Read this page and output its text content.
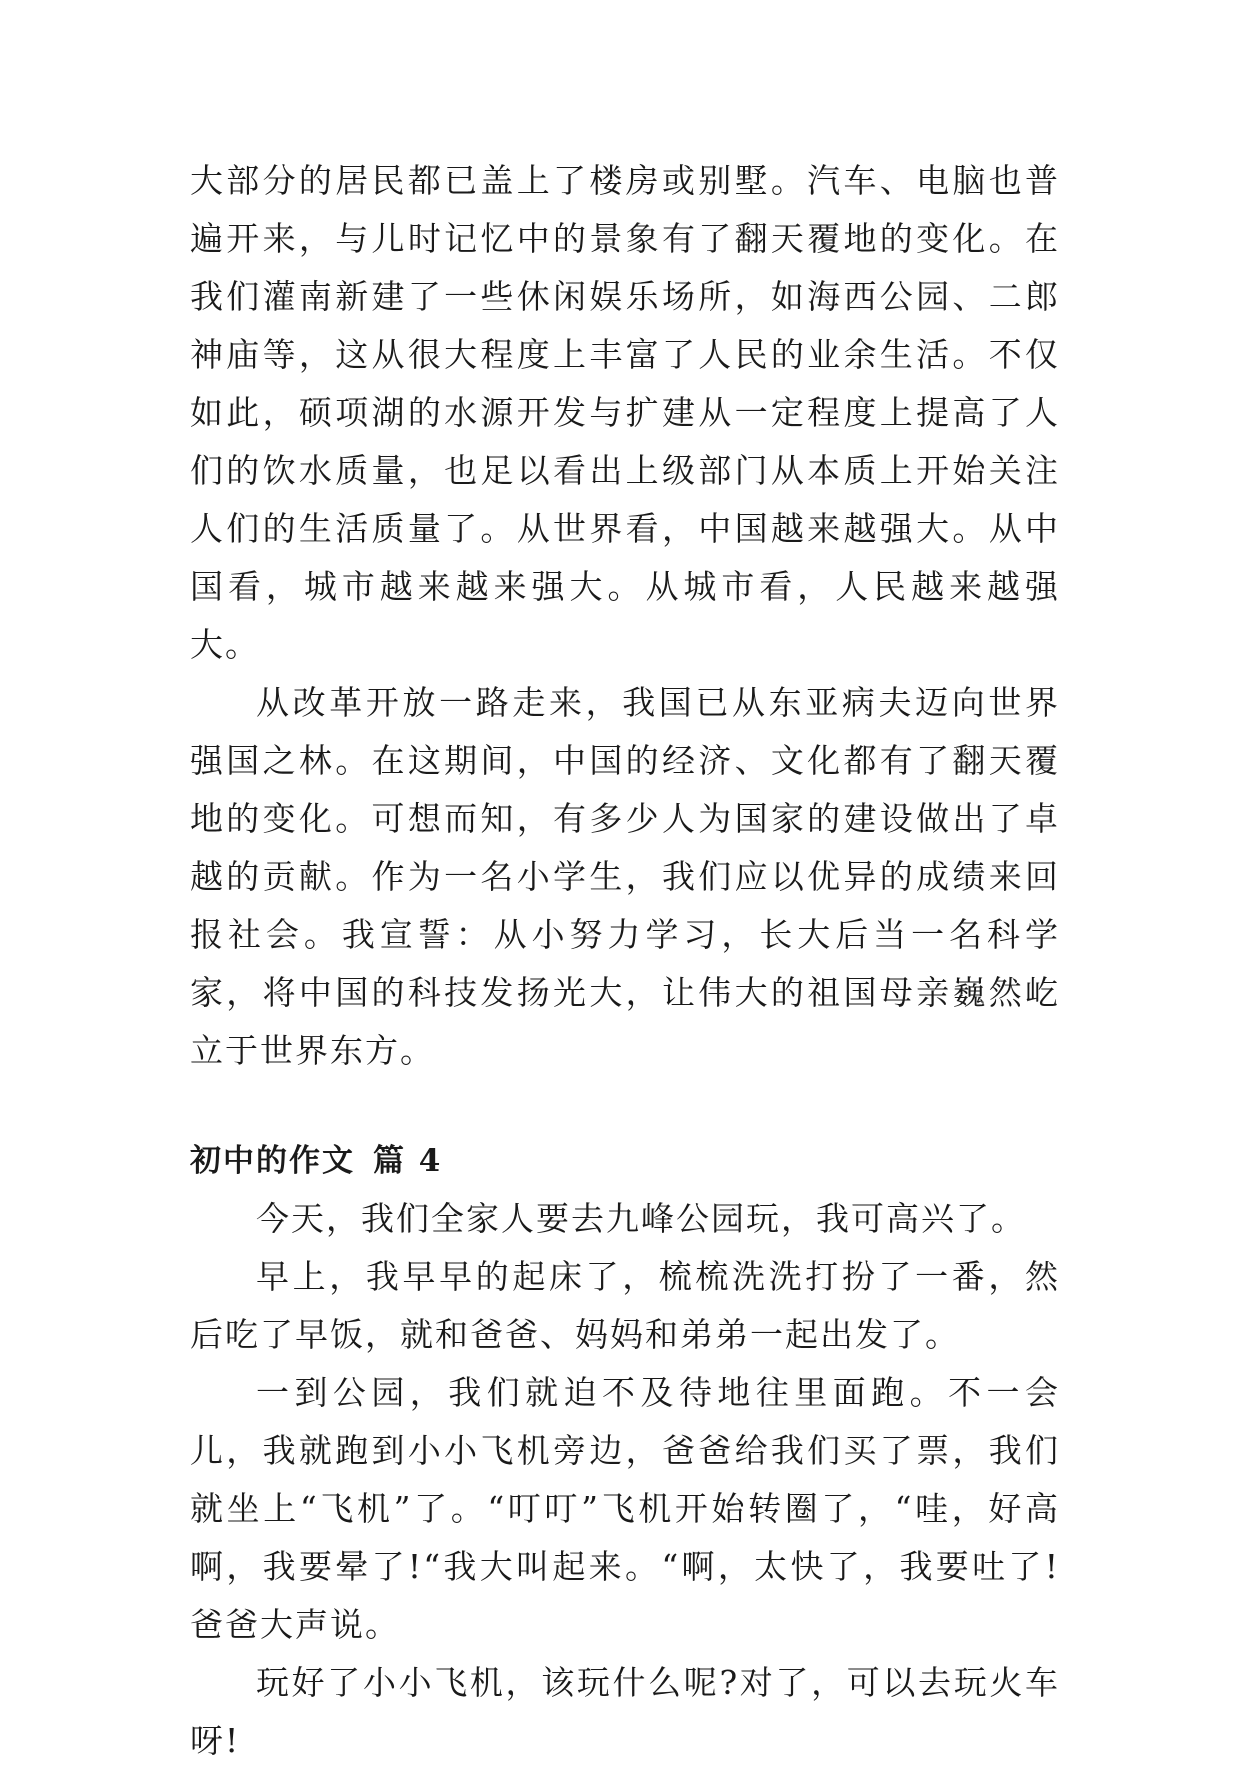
大部分的居民都已盖上了楼房或别墅。汽车、电脑也普遍开来，与儿时记忆中的景象有了翻天覆地的变化。在我们灌南新建了一些休闲娱乐场所，如海西公园、二郎神庙等，这从很大程度上丰富了人民的业余生活。不仅如此，硕项湖的水源开发与扩建从一定程度上提高了人们的饮水质量，也足以看出上级部门从本质上开始关注人们的生活质量了。从世界看，中国越来越强大。从中国看，城市越来越来强大。从城市看，人民越来越强大。

从改革开放一路走来，我国已从东亚病夫迈向世界强国之林。在这期间，中国的经济、文化都有了翻天覆地的变化。可想而知，有多少人为国家的建设做出了卓越的贡献。作为一名小学生，我们应以优异的成绩来回报社会。我宣誓：从小努力学习，长大后当一名科学家，将中国的科技发扬光大，让伟大的祖国母亲巍然屹立于世界东方。

初中的作文 篇 4

今天，我们全家人要去九峰公园玩，我可高兴了。

早上，我早早的起床了，梳梳洗洗打扮了一番，然后吃了早饭，就和爸爸、妈妈和弟弟一起出发了。

一到公园，我们就迫不及待地往里面跑。不一会儿，我就跑到小小飞机旁边，爸爸给我们买了票，我们就坐上“飞机”了。“叮叮”飞机开始转圈了，“哇，好高啊，我要晕了!“我大叫起来。“啊，太快了，我要吐了!爸爸大声说。

玩好了小小飞机，该玩什么呢?对了，可以去玩火车呀!
